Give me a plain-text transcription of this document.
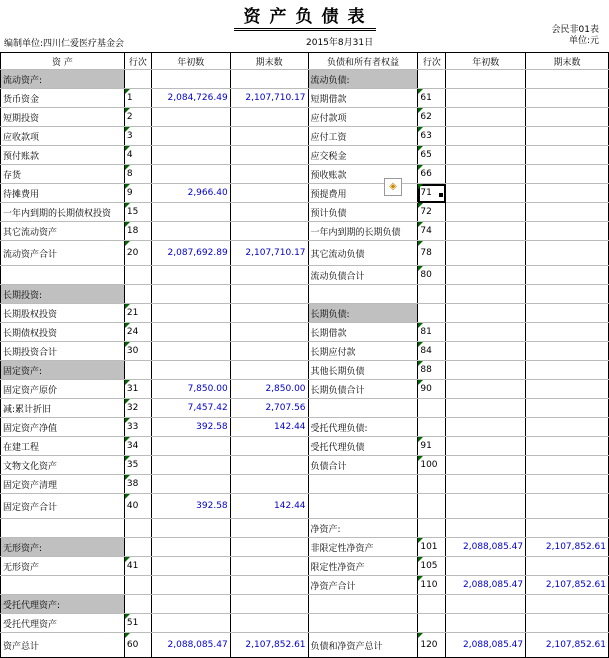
资产负债表
会民非01表
单位:元
编制单位:四川仁爱医疗基金会	2015年8月31日
资 产	行次	年初数	期末数	负债和所有者权益	行次	年初数	期末数
流动资产:				流动负债:			
货币资金	1	2,084,726.49	2,107,710.17	短期借款	61		
短期投资	2			应付款项	62		
应收款项	3			应付工资	63		
预付账款	4			应交税金	65		
存货	8			预收账款	66		
待摊费用	9	2,966.40		预提费用	71		
一年内到期的长期债权投资	15			预计负债	72		
其它流动资产	18			一年内到期的长期负债	74		
流动资产合计	20	2,087,692.89	2,107,710.17	其它流动负债	78		
				流动负债合计	80		
长期投资:							
长期股权投资	21			长期负债:			
长期债权投资	24			长期借款	81		
长期投资合计	30			长期应付款	84		
固定资产:				其他长期负债	88		
固定资产原价	31	7,850.00	2,850.00	长期负债合计	90		
减:累计折旧	32	7,457.42	2,707.56				
固定资产净值	33	392.58	142.44	受托代理负债:			
在建工程	34			受托代理负债	91		
文物文化资产	35			负债合计	100		
固定资产清理	38						
固定资产合计	40	392.58	142.44				
				净资产:			
无形资产:				非限定性净资产	101	2,088,085.47	2,107,852.61
无形资产	41			限定性净资产	105		
				净资产合计	110	2,088,085.47	2,107,852.61
受托代理资产:							
受托代理资产	51						
资产总计	60	2,088,085.47	2,107,852.61	负债和净资产总计	120	2,088,085.47	2,107,852.61
◈
